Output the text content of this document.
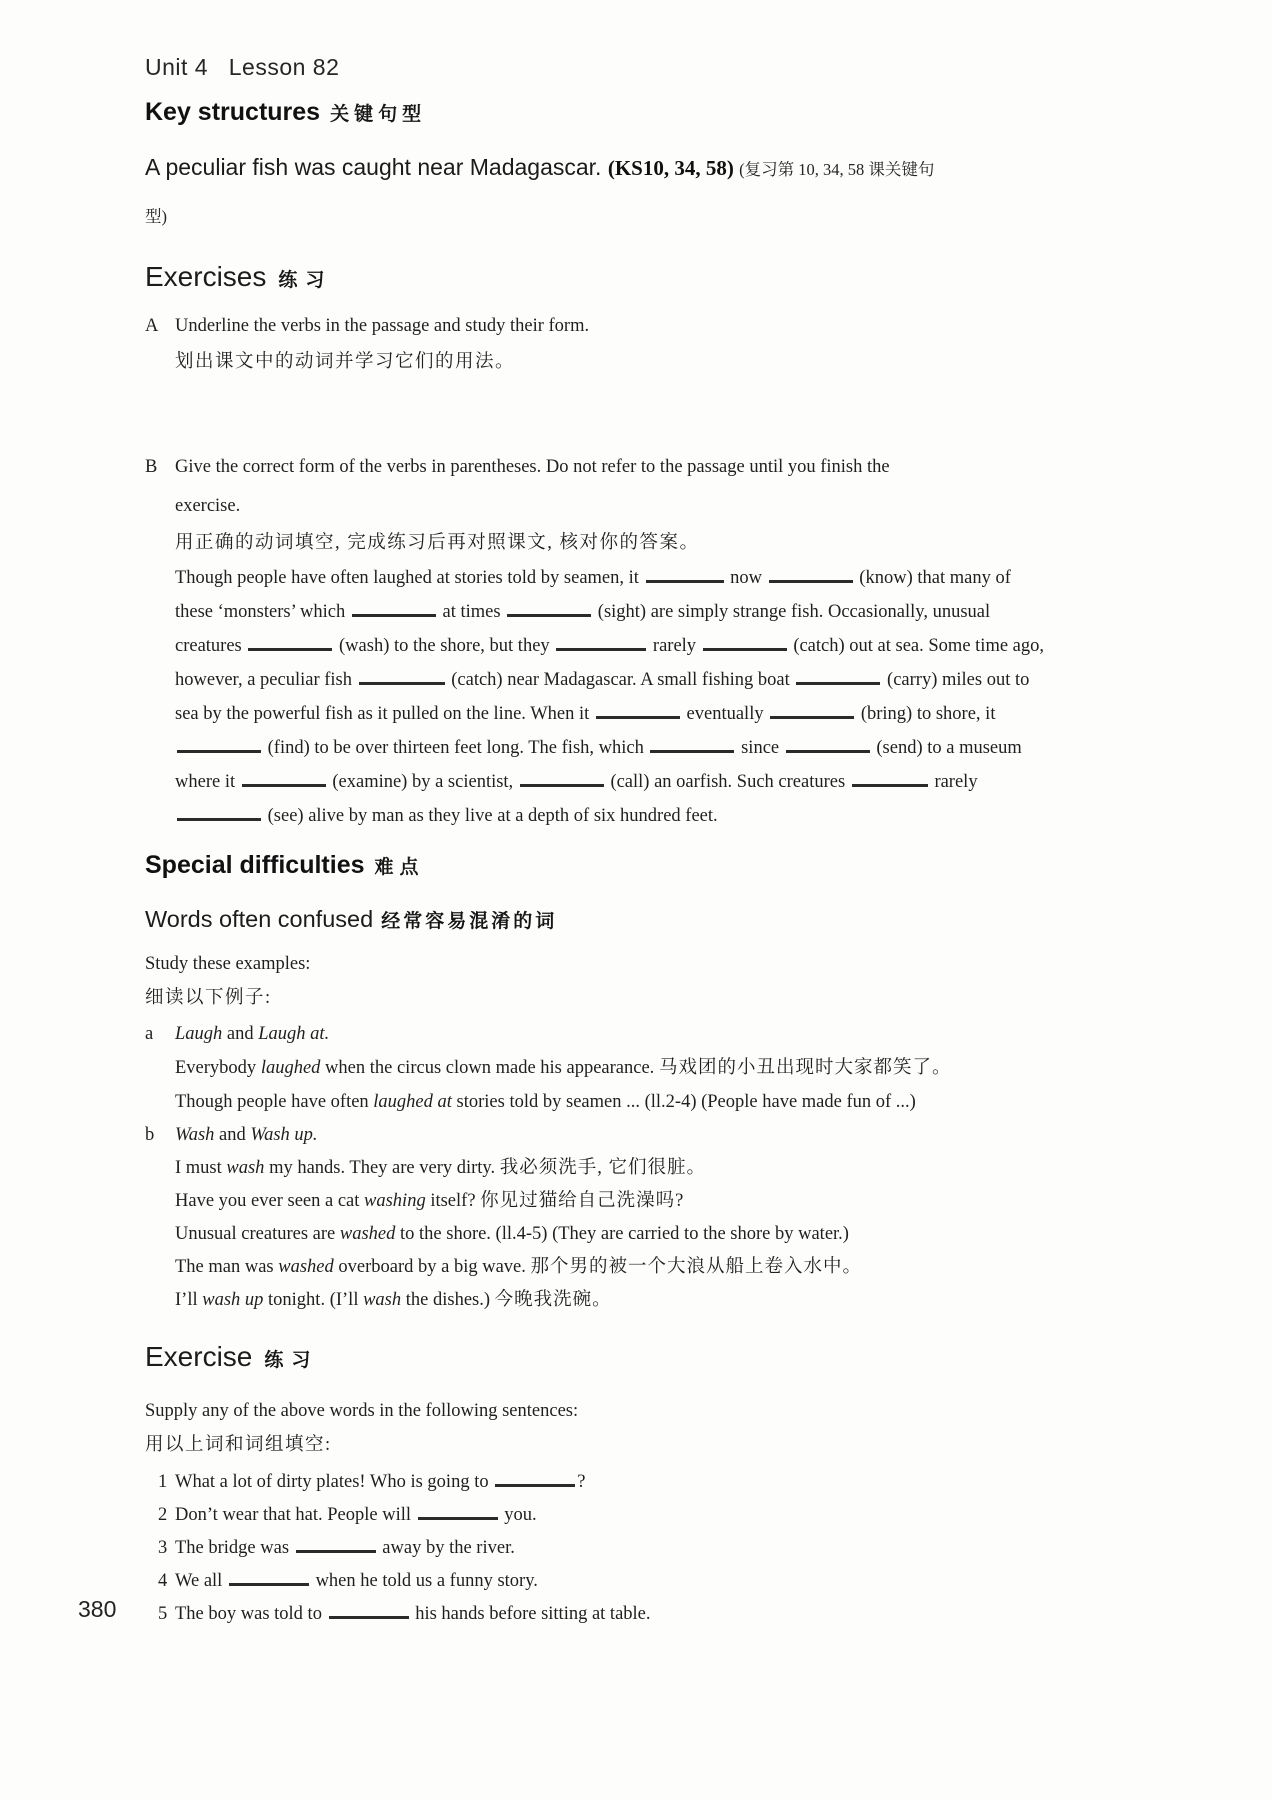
Unit 4   Lesson 82
Key structures 关键句型
A peculiar fish was caught near Madagascar. (KS10, 34, 58) (复习第 10, 34, 58 课关键句
型)
Exercises 练习
A Underline the verbs in the passage and study their form.
划出课文中的动词并学习它们的用法。
B Give the correct form of the verbs in parentheses. Do not refer to the passage until you finish the
exercise.
用正确的动词填空, 完成练习后再对照课文, 核对你的答案。
Though people have often laughed at stories told by seamen, it	now	(know) that many of
these ‘monsters’ which	at times	(sight) are simply strange fish. Occasionally, unusual
creatures	(wash) to the shore, but they	rarely	(catch) out at sea. Some time ago,
however, a peculiar fish	(catch) near Madagascar. A small fishing boat	(carry) miles out to
sea by the powerful fish as it pulled on the line. When it	eventually	(bring) to shore, it
(find) to be over thirteen feet long. The fish, which	since	(send) to a museum
where it	(examine) by a scientist,	(call) an oarfish. Such creatures	rarely
(see) alive by man as they live at a depth of six hundred feet.
Special difficulties 难点
Words often confused 经常容易混淆的词
Study these examples:
细读以下例子:
a Laugh and Laugh at.
Everybody laughed when the circus clown made his appearance. 马戏团的小丑出现时大家都笑了。
Though people have often laughed at stories told by seamen ... (ll.2-4) (People have made fun of ...)
b Wash and Wash up.
I must wash my hands. They are very dirty. 我必须洗手, 它们很脏。
Have you ever seen a cat washing itself? 你见过猫给自己洗澡吗?
Unusual creatures are washed to the shore. (ll.4-5) (They are carried to the shore by water.)
The man was washed overboard by a big wave. 那个男的被一个大浪从船上卷入水中。
I’ll wash up tonight. (I’ll wash the dishes.) 今晚我洗碗。
Exercise 练习
Supply any of the above words in the following sentences:
用以上词和词组填空:
1 What a lot of dirty plates! Who is going to	?
2 Don’t wear that hat. People will	you.
3 The bridge was	away by the river.
4 We all	when he told us a funny story.
5 The boy was told to	his hands before sitting at table.
380
